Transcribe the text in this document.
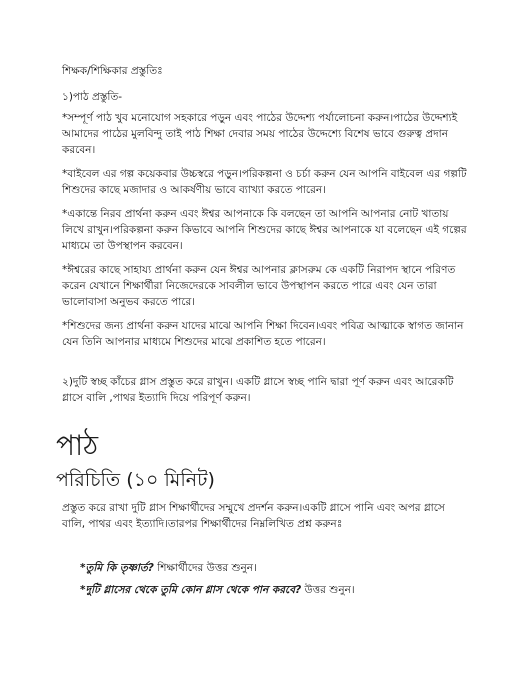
শিক্ষক/শিক্ষিকার প্রস্তুতিঃ

১)পাঠ প্রস্তুতি-

*সম্পূর্ণ পাঠ খুব মনোযোগ সহকারে পড়ুন এবং পাঠের উদ্দেশ্য পর্যালোচনা করুন।পাঠের উদ্দেশ্যই আমাদের পাঠের মুলবিন্দু তাই পাঠ শিক্ষা দেবার সময় পাঠের উদ্দেশ্যে বিশেষ ভাবে গুরুত্ব প্রদান করবেন।

*বাইবেল এর গল্প কয়েকবার উচ্চস্বরে পড়ুন।পরিকল্পনা ও চর্চা করুন যেন আপনি বাইবেল এর গল্পটি শিশুদের কাছে মজাদার ও আকর্ষণীয় ভাবে ব্যাখ্যা করতে পারেন।

*একান্তে নিরব প্রার্থনা করুন এবং ঈশ্বর আপনাকে কি বলছেন তা আপনি আপনার নোট খাতায় লিখে রাখুন।পরিকল্পনা করুন কিভাবে আপনি শিশুদের কাছে ঈশ্বর আপনাকে যা বলেছেন এই গল্পের মাধ্যমে তা উপস্থাপন করবেন।

*ঈশ্বরের কাছে সাহায্য প্রার্থনা করুন যেন ঈশ্বর আপনার ক্লাসরুম কে একটি নিরাপদ স্থানে পরিণত করেন যেখানে শিক্ষার্থীরা নিজেদেরকে সাবলীল ভাবে উপস্থাপন করতে পারে এবং যেন তারা ভালোবাসা অনুভব করতে পারে।

*শিশুদের জন্য প্রার্থনা করুন যাদের মাঝে আপনি শিক্ষা দিবেন।এবং পবিত্র আত্মাকে স্বাগত জানান যেন তিনি আপনার মাধ্যমে শিশুদের মাঝে প্রকাশিত হতে পারেন।

২)দুটি স্বচ্ছ কাঁচের গ্লাস প্রস্তুত করে রাখুন। একটি গ্লাসে স্বচ্ছ পানি দ্বারা পূর্ণ করুন এবং আরেকটি গ্লাসে বালি ,পাথর ইত্যাদি দিয়ে পরিপূর্ণ করুন।

পাঠ
পরিচিতি (১০ মিনিট)

প্রস্তুত করে রাখা দুটি গ্লাস শিক্ষার্থীদের সম্মুখে প্রদর্শন করুন।একটি গ্লাসে পানি এবং অপর গ্লাসে বালি, পাথর এবং ইত্যাদি।তারপর শিক্ষার্থীদের নিম্নলিখিত প্রশ্ন করুনঃ

*তুমি কি তৃষ্ণার্ত? শিক্ষার্থীদের উত্তর শুনুন।
*দুটি গ্লাসের থেকে তুমি কোন গ্লাস থেকে পান করবে? উত্তর শুনুন।
